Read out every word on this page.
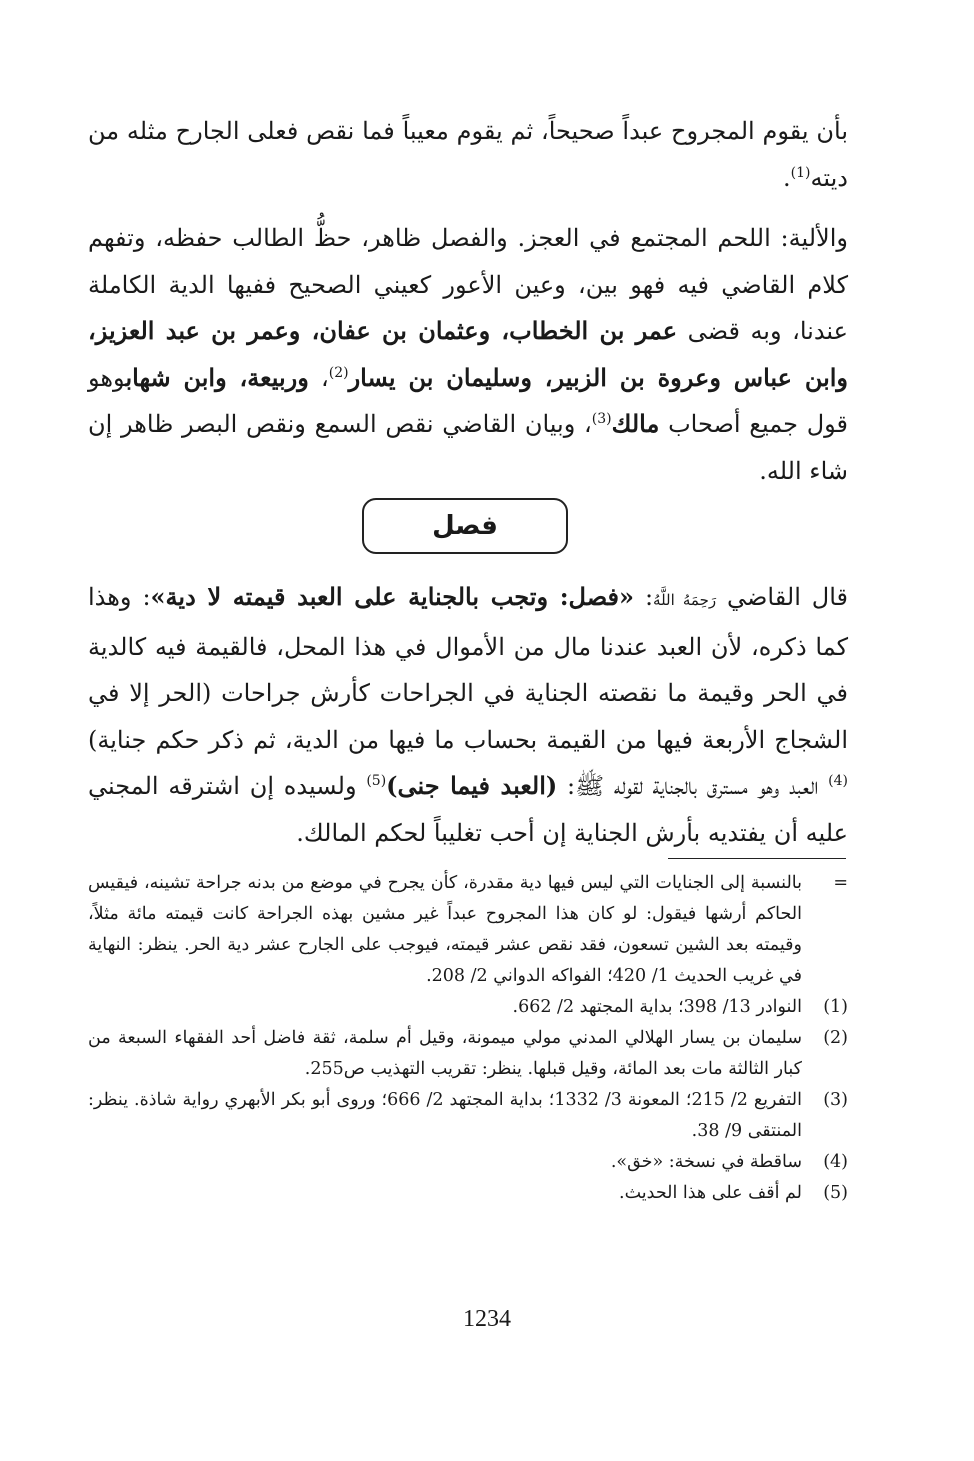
بأن يقوم المجروح عبداً صحيحاً، ثم يقوم معيباً فما نقص فعلى الجارح مثله من ديته$^{(1)}$.

والألية: اللحم المجتمع في العجز. والفصل ظاهر، حظُّ الطالب حفظه، وتفهم كلام القاضي فيه فهو بين، وعين الأعور كعيني الصحيح ففيها الدية الكاملة عندنا، وبه قضى عمر بن الخطاب، وعثمان بن عفان، وعمر بن عبد العزيز، وابن عباس وعروة بن الزبير، وسليمان بن يسار$^{(2)}$، وربيعة، وابن شهابوهو قول جميع أصحاب مالك$^{(3)}$، وبيان القاضي نقص السمع ونقص البصر ظاهر إن شاء الله.

فصل

قال القاضي رَحِمَهُ اللَّهُ: «فصل: وتجب بالجناية على العبد قيمته لا دية»: وهذا كما ذكره، لأن العبد عندنا مال من الأموال في هذا المحل، فالقيمة فيه كالدية في الحر وقيمة ما نقصته الجناية في الجراحات كأرش جراحات (الحر إلا في الشجاج الأربعة فيها من القيمة بحساب ما فيها من الدية، ثم ذكر حكم جناية)$^{(4)}$ العبد وهو مسترق بالجناية لقوله ﷺ: (العبد فيما جنى)$^{(5)}$ ولسيده إن اشترقه المجني عليه أن يفتديه بأرش الجناية إن أحب تغليباً لحكم المالك.

=
بالنسبة إلى الجنايات التي ليس فيها دية مقدرة، كأن يجرح في موضع من بدنه جراحة تشينه، فيقيس الحاكم أرشها فيقول: لو كان هذا المجروح عبداً غير مشين بهذه الجراحة كانت قيمته مائة مثلاً، وقيمته بعد الشين تسعون، فقد نقص عشر قيمته، فيوجب على الجارح عشر دية الحر. ينظر: النهاية في غريب الحديث 1/ 420؛ الفواكه الدواني 2/ 208.
(1)
النوادر 13/ 398؛ بداية المجتهد 2/ 662.
(2)
سليمان بن يسار الهلالي المدني مولي ميمونة، وقيل أم سلمة، ثقة فاضل أحد الفقهاء السبعة من كبار الثالثة مات بعد المائة، وقيل قبلها. ينظر: تقريب التهذيب ص255.
(3)
التفريع 2/ 215؛ المعونة 3/ 1332؛ بداية المجتهد 2/ 666؛ وروى أبو بكر الأبهري رواية شاذة. ينظر: المنتقى 9/ 38.
(4)
ساقطة في نسخة: «خق».
(5)
لم أقف على هذا الحديث.
1234
